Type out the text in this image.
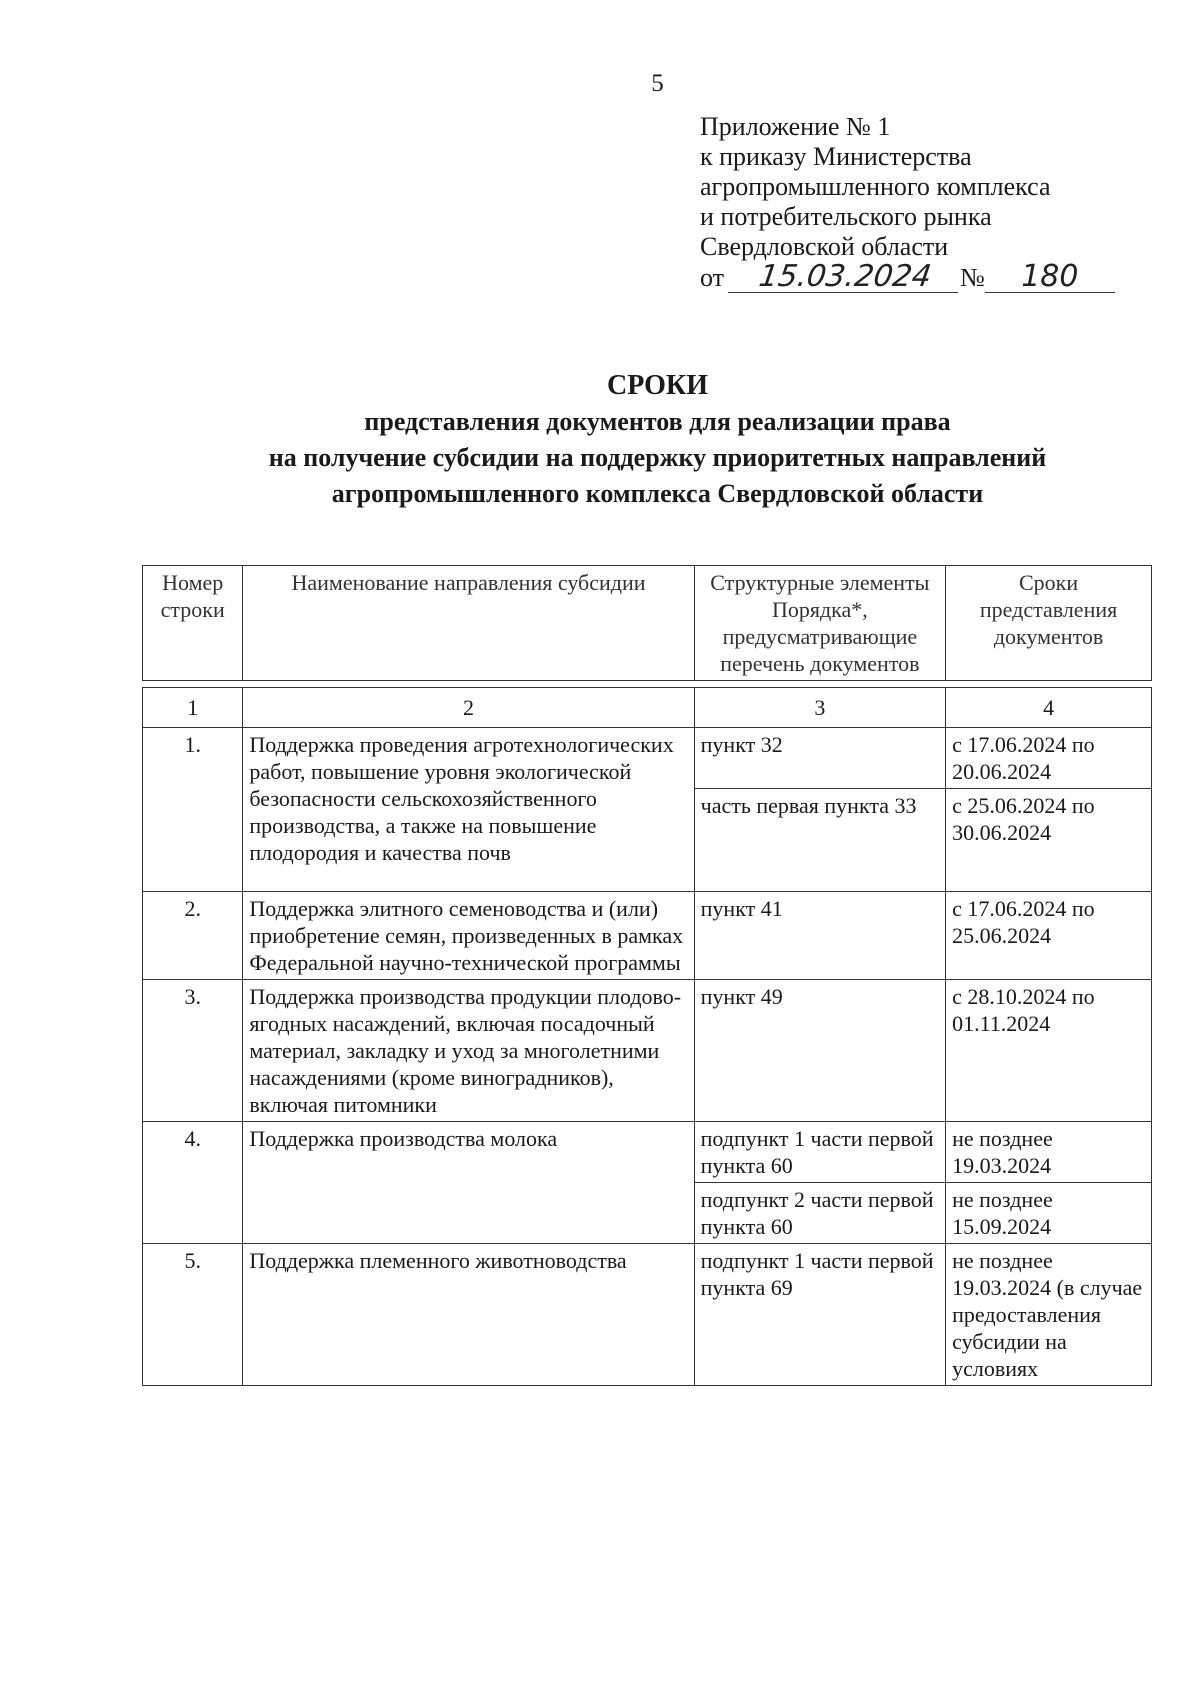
5
Приложение № 1
к приказу Министерства
агропромышленного комплекса
и потребительского рынка
Свердловской области
от	15.03.2024	№	180
СРОКИ
представления документов для реализации права
на получение субсидии на поддержку приоритетных направлений
агропромышленного комплекса Свердловской области
Номер строки	Наименование направления субсидии	Структурные элементы Порядка*, предусматривающие перечень документов	Сроки представления документов

1	2	3	4
1.	Поддержка проведения агротехнологических работ, повышение уровня экологической безопасности сельскохозяйственного производства, а также на повышение плодородия и качества почв	пункт 32	с 17.06.2024 по 20.06.2024
		часть первая пункта 33	с 25.06.2024 по 30.06.2024
2.	Поддержка элитного семеноводства и (или) приобретение семян, произведенных в рамках Федеральной научно-технической программы	пункт 41	с 17.06.2024 по 25.06.2024
3.	Поддержка производства продукции плодово-ягодных насаждений, включая посадочный материал, закладку и уход за многолетними насаждениями (кроме виноградников), включая питомники	пункт 49	с 28.10.2024 по 01.11.2024
4.	Поддержка производства молока	подпункт 1 части первой пункта 60	не позднее 19.03.2024
		подпункт 2 части первой пункта 60	не позднее 15.09.2024
5.	Поддержка племенного животноводства	подпункт 1 части первой пункта 69	не позднее 19.03.2024 (в случае предоставления субсидии на условиях
